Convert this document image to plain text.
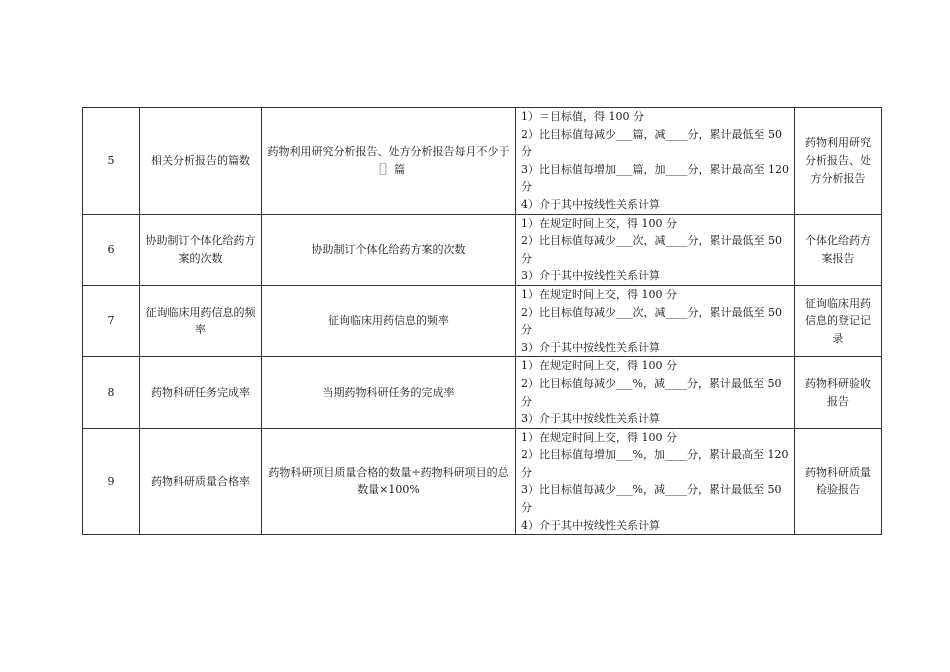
5	相关分析报告的篇数	药物利用研究分析报告、处方分析报告每月不少于［］篇	1）＝目标值，得 100 分
2）比目标值每减少___篇，减____分，累计最低至 50 分
3）比目标值每增加___篇，加____分，累计最高至 120 分
4）介于其中按线性关系计算	药物利用研究分析报告、处方分析报告
6	协助制订个体化给药方案的次数	协助制订个体化给药方案的次数	1）在规定时间上交，得 100 分
2）比目标值每减少___次，减____分，累计最低至 50 分
3）介于其中按线性关系计算	个体化给药方案报告
7	征询临床用药信息的频率	征询临床用药信息的频率	1）在规定时间上交，得 100 分
2）比目标值每减少___次，减____分，累计最低至 50 分
3）介于其中按线性关系计算	征询临床用药信息的登记记录
8	药物科研任务完成率	当期药物科研任务的完成率	1）在规定时间上交，得 100 分
2）比目标值每减少___%，减____分，累计最低至 50 分
3）介于其中按线性关系计算	药物科研验收报告
9	药物科研质量合格率	药物科研项目质量合格的数量÷药物科研项目的总数量×100%	1）在规定时间上交，得 100 分
2）比目标值每增加___%，加____分，累计最高至 120 分
3）比目标值每减少___%，减____分，累计最低至 50 分
4）介于其中按线性关系计算	药物科研质量检验报告
